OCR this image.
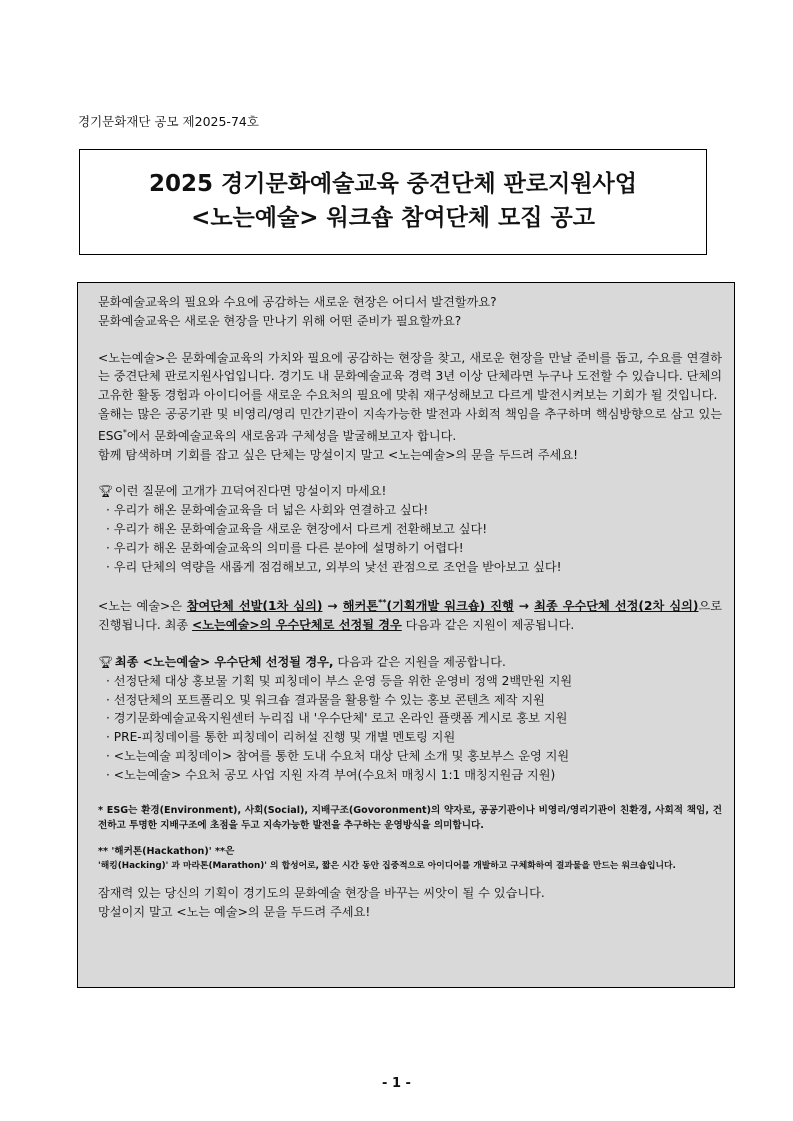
경기문화재단 공모 제2025-74호
2025 경기문화예술교육 중견단체 판로지원사업
<노는예술> 워크숍 참여단체 모집 공고

문화예술교육의 필요와 수요에 공감하는 새로운 현장은 어디서 발견할까요?

문화예술교육은 새로운 현장을 만나기 위해 어떤 준비가 필요할까요?

<노는예술>은 문화예술교육의 가치와 필요에 공감하는 현장을 찾고, 새로운 현장을 만날 준비를 돕고, 수요를 연결하는 중견단체 판로지원사업입니다. 경기도 내 문화예술교육 경력 3년 이상 단체라면 누구나 도전할 수 있습니다. 단체의 고유한 활동 경험과 아이디어를 새로운 수요처의 필요에 맞춰 재구성해보고 다르게 발전시켜보는 기회가 될 것입니다.

올해는 많은 공공기관 및 비영리/영리 민간기관이 지속가능한 발전과 사회적 책임을 추구하며 핵심방향으로 삼고 있는 ESG*에서 문화예술교육의 새로움과 구체성을 발굴해보고자 합니다.

함께 탐색하며 기회를 잡고 싶은 단체는 망설이지 말고 <노는예술>의 문을 두드려 주세요!

🏆︎ 이런 질문에 고개가 끄덕여진다면 망설이지 마세요!

· 우리가 해온 문화예술교육을 더 넓은 사회와 연결하고 싶다!

· 우리가 해온 문화예술교육을 새로운 현장에서 다르게 전환해보고 싶다!

· 우리가 해온 문화예술교육의 의미를 다른 분야에 설명하기 어렵다!

· 우리 단체의 역량을 새롭게 점검해보고, 외부의 낯선 관점으로 조언을 받아보고 싶다!

<노는 예술>은 참여단체 선발(1차 심의) → 해커톤**(기획개발 워크숍) 진행 → 최종 우수단체 선정(2차 심의)으로 진행됩니다. 최종 <노는예술>의 우수단체로 선정될 경우 다음과 같은 지원이 제공됩니다.

🏆︎ 최종 <노는예술> 우수단체 선정될 경우, 다음과 같은 지원을 제공합니다.

· 선정단체 대상 홍보물 기획 및 피칭데이 부스 운영 등을 위한 운영비 정액 2백만원 지원

· 선정단체의 포트폴리오 및 워크숍 결과물을 활용할 수 있는 홍보 콘텐츠 제작 지원

· 경기문화예술교육지원센터 누리집 내 '우수단체' 로고 온라인 플랫폼 게시로 홍보 지원

· PRE-피칭데이를 통한 피칭데이 리허설 진행 및 개별 멘토링 지원

· <노는예술 피칭데이> 참여를 통한 도내 수요처 대상 단체 소개 및 홍보부스 운영 지원

· <노는예술> 수요처 공모 사업 지원 자격 부여(수요처 매칭시 1:1 매칭지원금 지원)

* ESG는 환경(Environment), 사회(Social), 지배구조(Govoronment)의 약자로, 공공기관이나 비영리/영리기관이 친환경, 사회적 책임, 건전하고 투명한 지배구조에 초점을 두고 지속가능한 발전을 추구하는 운영방식을 의미합니다.

** '해커톤(Hackathon)' **은

'해킹(Hacking)' 과 마라톤(Marathon)' 의 합성어로, 짧은 시간 동안 집중적으로 아이디어를 개발하고 구체화하여 결과물을 만드는 워크숍입니다.

잠재력 있는 당신의 기획이 경기도의 문화예술 현장을 바꾸는 씨앗이 될 수 있습니다.

망설이지 말고 <노는 예술>의 문을 두드려 주세요!

- 1 -
